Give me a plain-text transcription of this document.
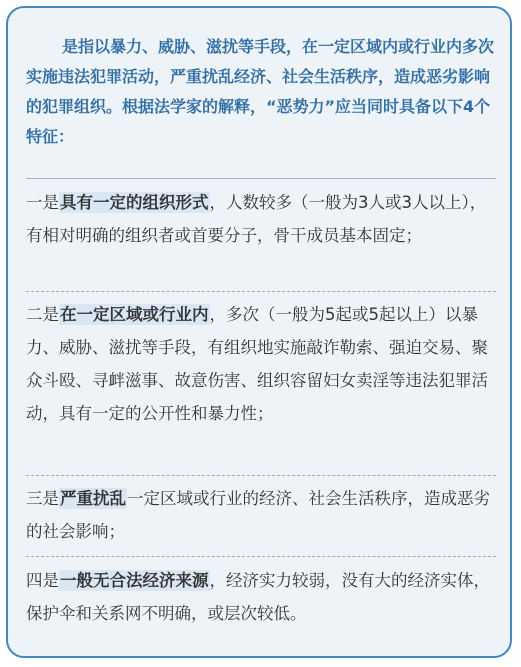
是指以暴力、威胁、滋扰等手段，在一定区域内或行业内多次实施违法犯罪活动，严重扰乱经济、社会生活秩序，造成恶劣影响的犯罪组织。根据法学家的解释，“恶势力”应当同时具备以下4个特征：

一是具有一定的组织形式，人数较多（一般为3人或3人以上），有相对明确的组织者或首要分子，骨干成员基本固定；

二是在一定区域或行业内，多次（一般为5起或5起以上）以暴力、威胁、滋扰等手段，有组织地实施敲诈勒索、强迫交易、聚众斗殴、寻衅滋事、故意伤害、组织容留妇女卖淫等违法犯罪活动，具有一定的公开性和暴力性；

三是严重扰乱一定区域或行业的经济、社会生活秩序，造成恶劣的社会影响；

四是一般无合法经济来源，经济实力较弱，没有大的经济实体，保护伞和关系网不明确，或层次较低。
